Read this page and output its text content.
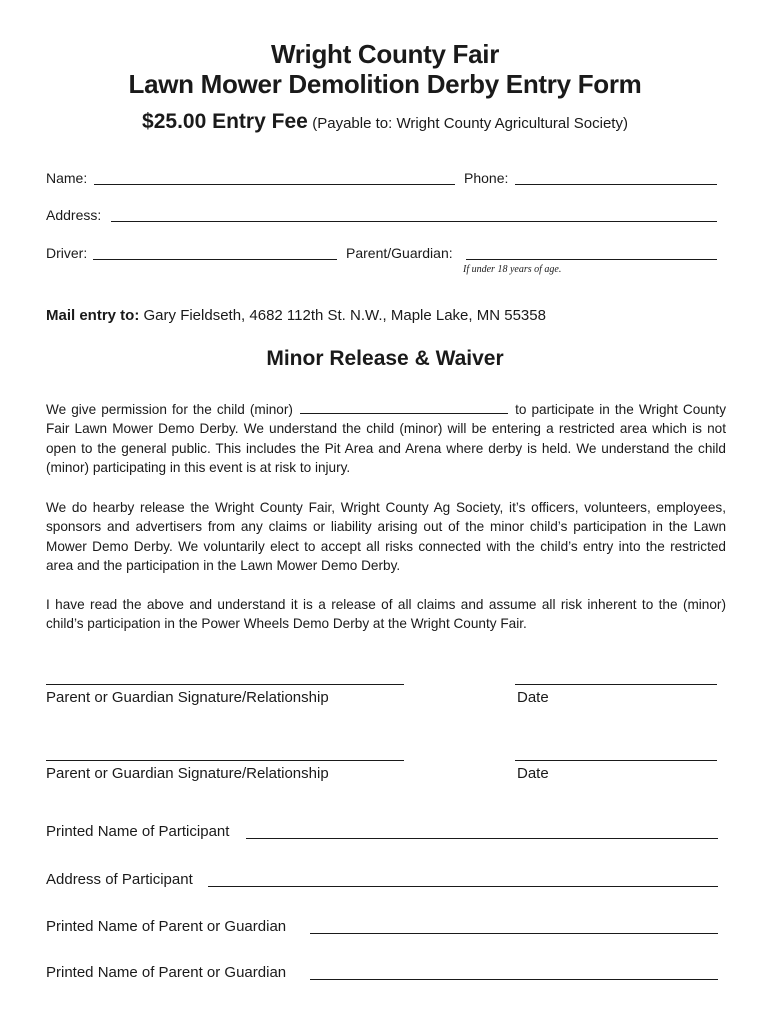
Wright County Fair
Lawn Mower Demolition Derby Entry Form
$25.00 Entry Fee (Payable to: Wright County Agricultural Society)
Name:	Phone:
Address:
Driver:	Parent/Guardian:
If under 18 years of age.
Mail entry to: Gary Fieldseth, 4682 112th St. N.W., Maple Lake, MN 55358
Minor Release & Waiver
We give permission for the child (minor)	to participate in the Wright County Fair Lawn Mower Demo Derby. We understand the child (minor) will be entering a restricted area which is not open to the general public. This includes the Pit Area and Arena where derby is held. We understand the child (minor) participating in this event is at risk to injury.
We do hearby release the Wright County Fair, Wright County Ag Society, it’s officers, volunteers, employees, sponsors and advertisers from any claims or liability arising out of the minor child’s participation in the Lawn Mower Demo Derby. We voluntarily elect to accept all risks connected with the child’s entry into the restricted area and the participation in the Lawn Mower Demo Derby.
I have read the above and understand it is a release of all claims and assume all risk inherent to the (minor) child’s participation in the Power Wheels Demo Derby at the Wright County Fair.
Parent or Guardian Signature/Relationship	Date
Parent or Guardian Signature/Relationship	Date
Printed Name of Participant
Address of Participant
Printed Name of Parent or Guardian
Printed Name of Parent or Guardian
